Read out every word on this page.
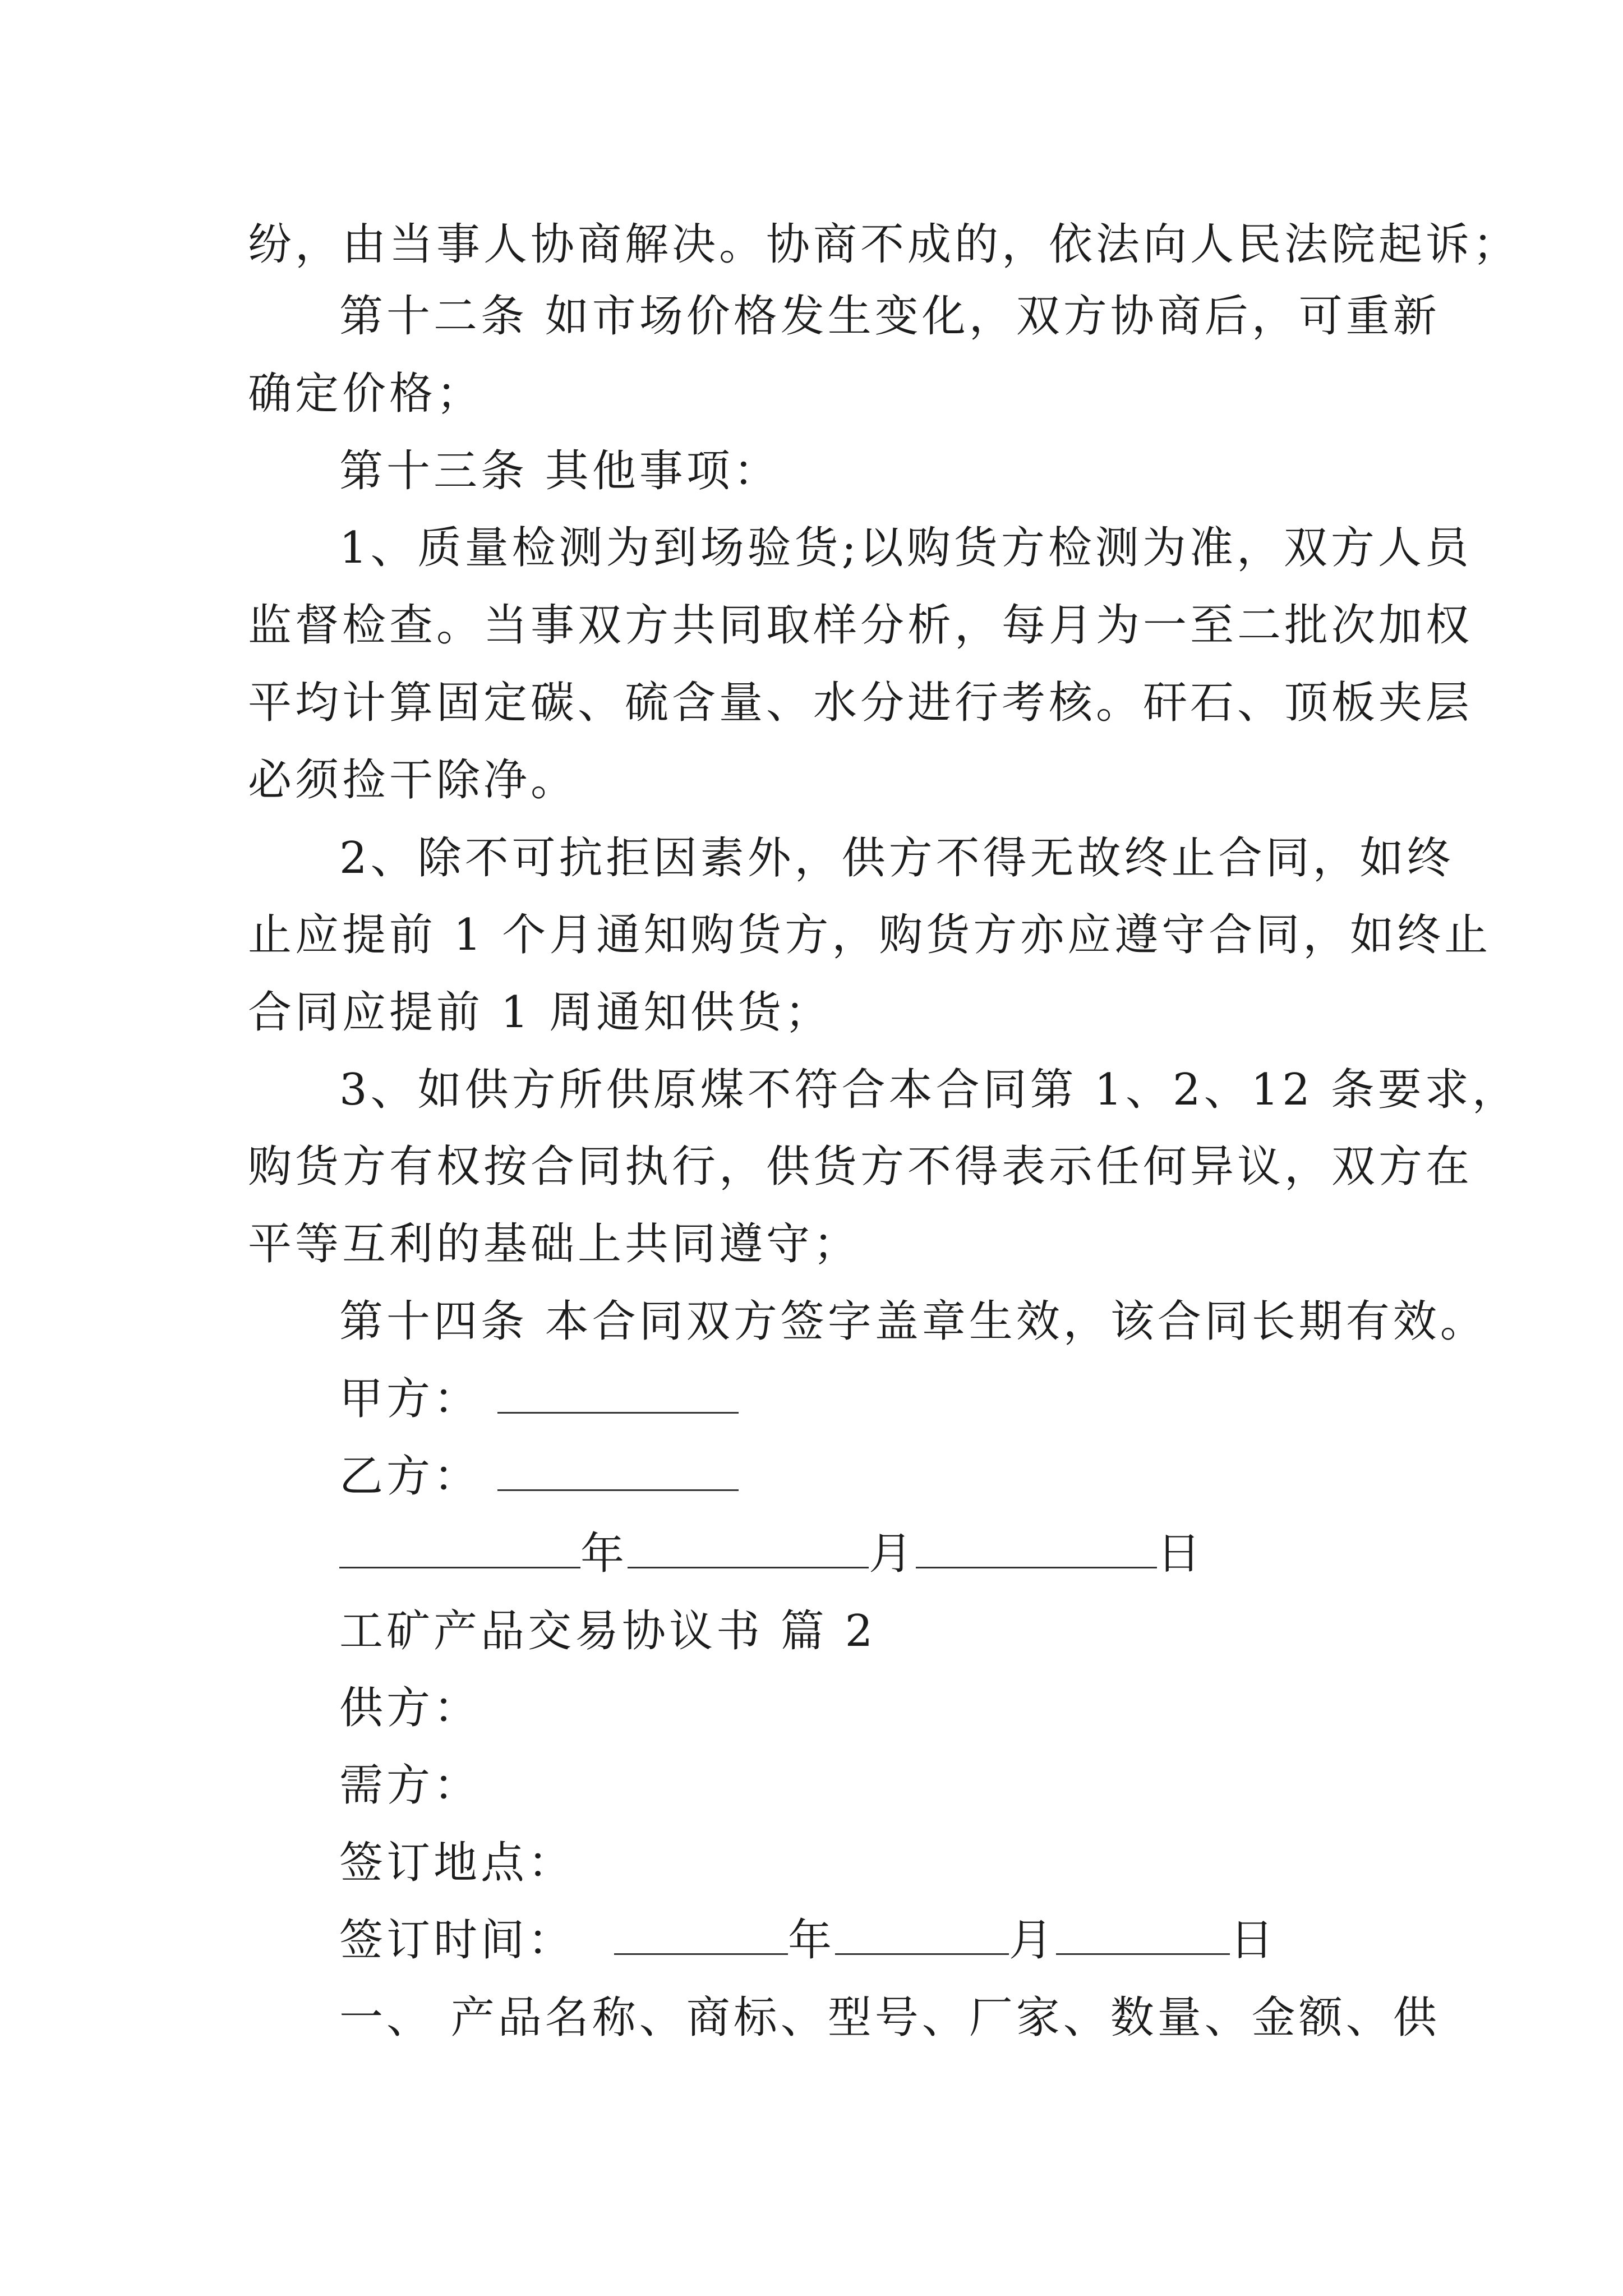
纷，由当事人协商解决。协商不成的，依法向人民法院起诉；
第十二条 如市场价格发生变化，双方协商后，可重新
确定价格；
第十三条 其他事项：
1、质量检测为到场验货;以购货方检测为准，双方人员
监督检查。当事双方共同取样分析，每月为一至二批次加权
平均计算固定碳、硫含量、水分进行考核。矸石、顶板夹层
必须捡干除净。
2、除不可抗拒因素外，供方不得无故终止合同，如终
止应提前 1 个月通知购货方，购货方亦应遵守合同，如终止
合同应提前 1 周通知供货；
3、如供方所供原煤不符合本合同第 1、2、12 条要求，
购货方有权按合同执行，供货方不得表示任何异议，双方在
平等互利的基础上共同遵守；
第十四条 本合同双方签字盖章生效，该合同长期有效。
甲方：
乙方：
年	月	日
工矿产品交易协议书 篇 2
供方：
需方：
签订地点：
签订时间：	年	月	日
一、 产品名称、商标、型号、厂家、数量、金额、供
